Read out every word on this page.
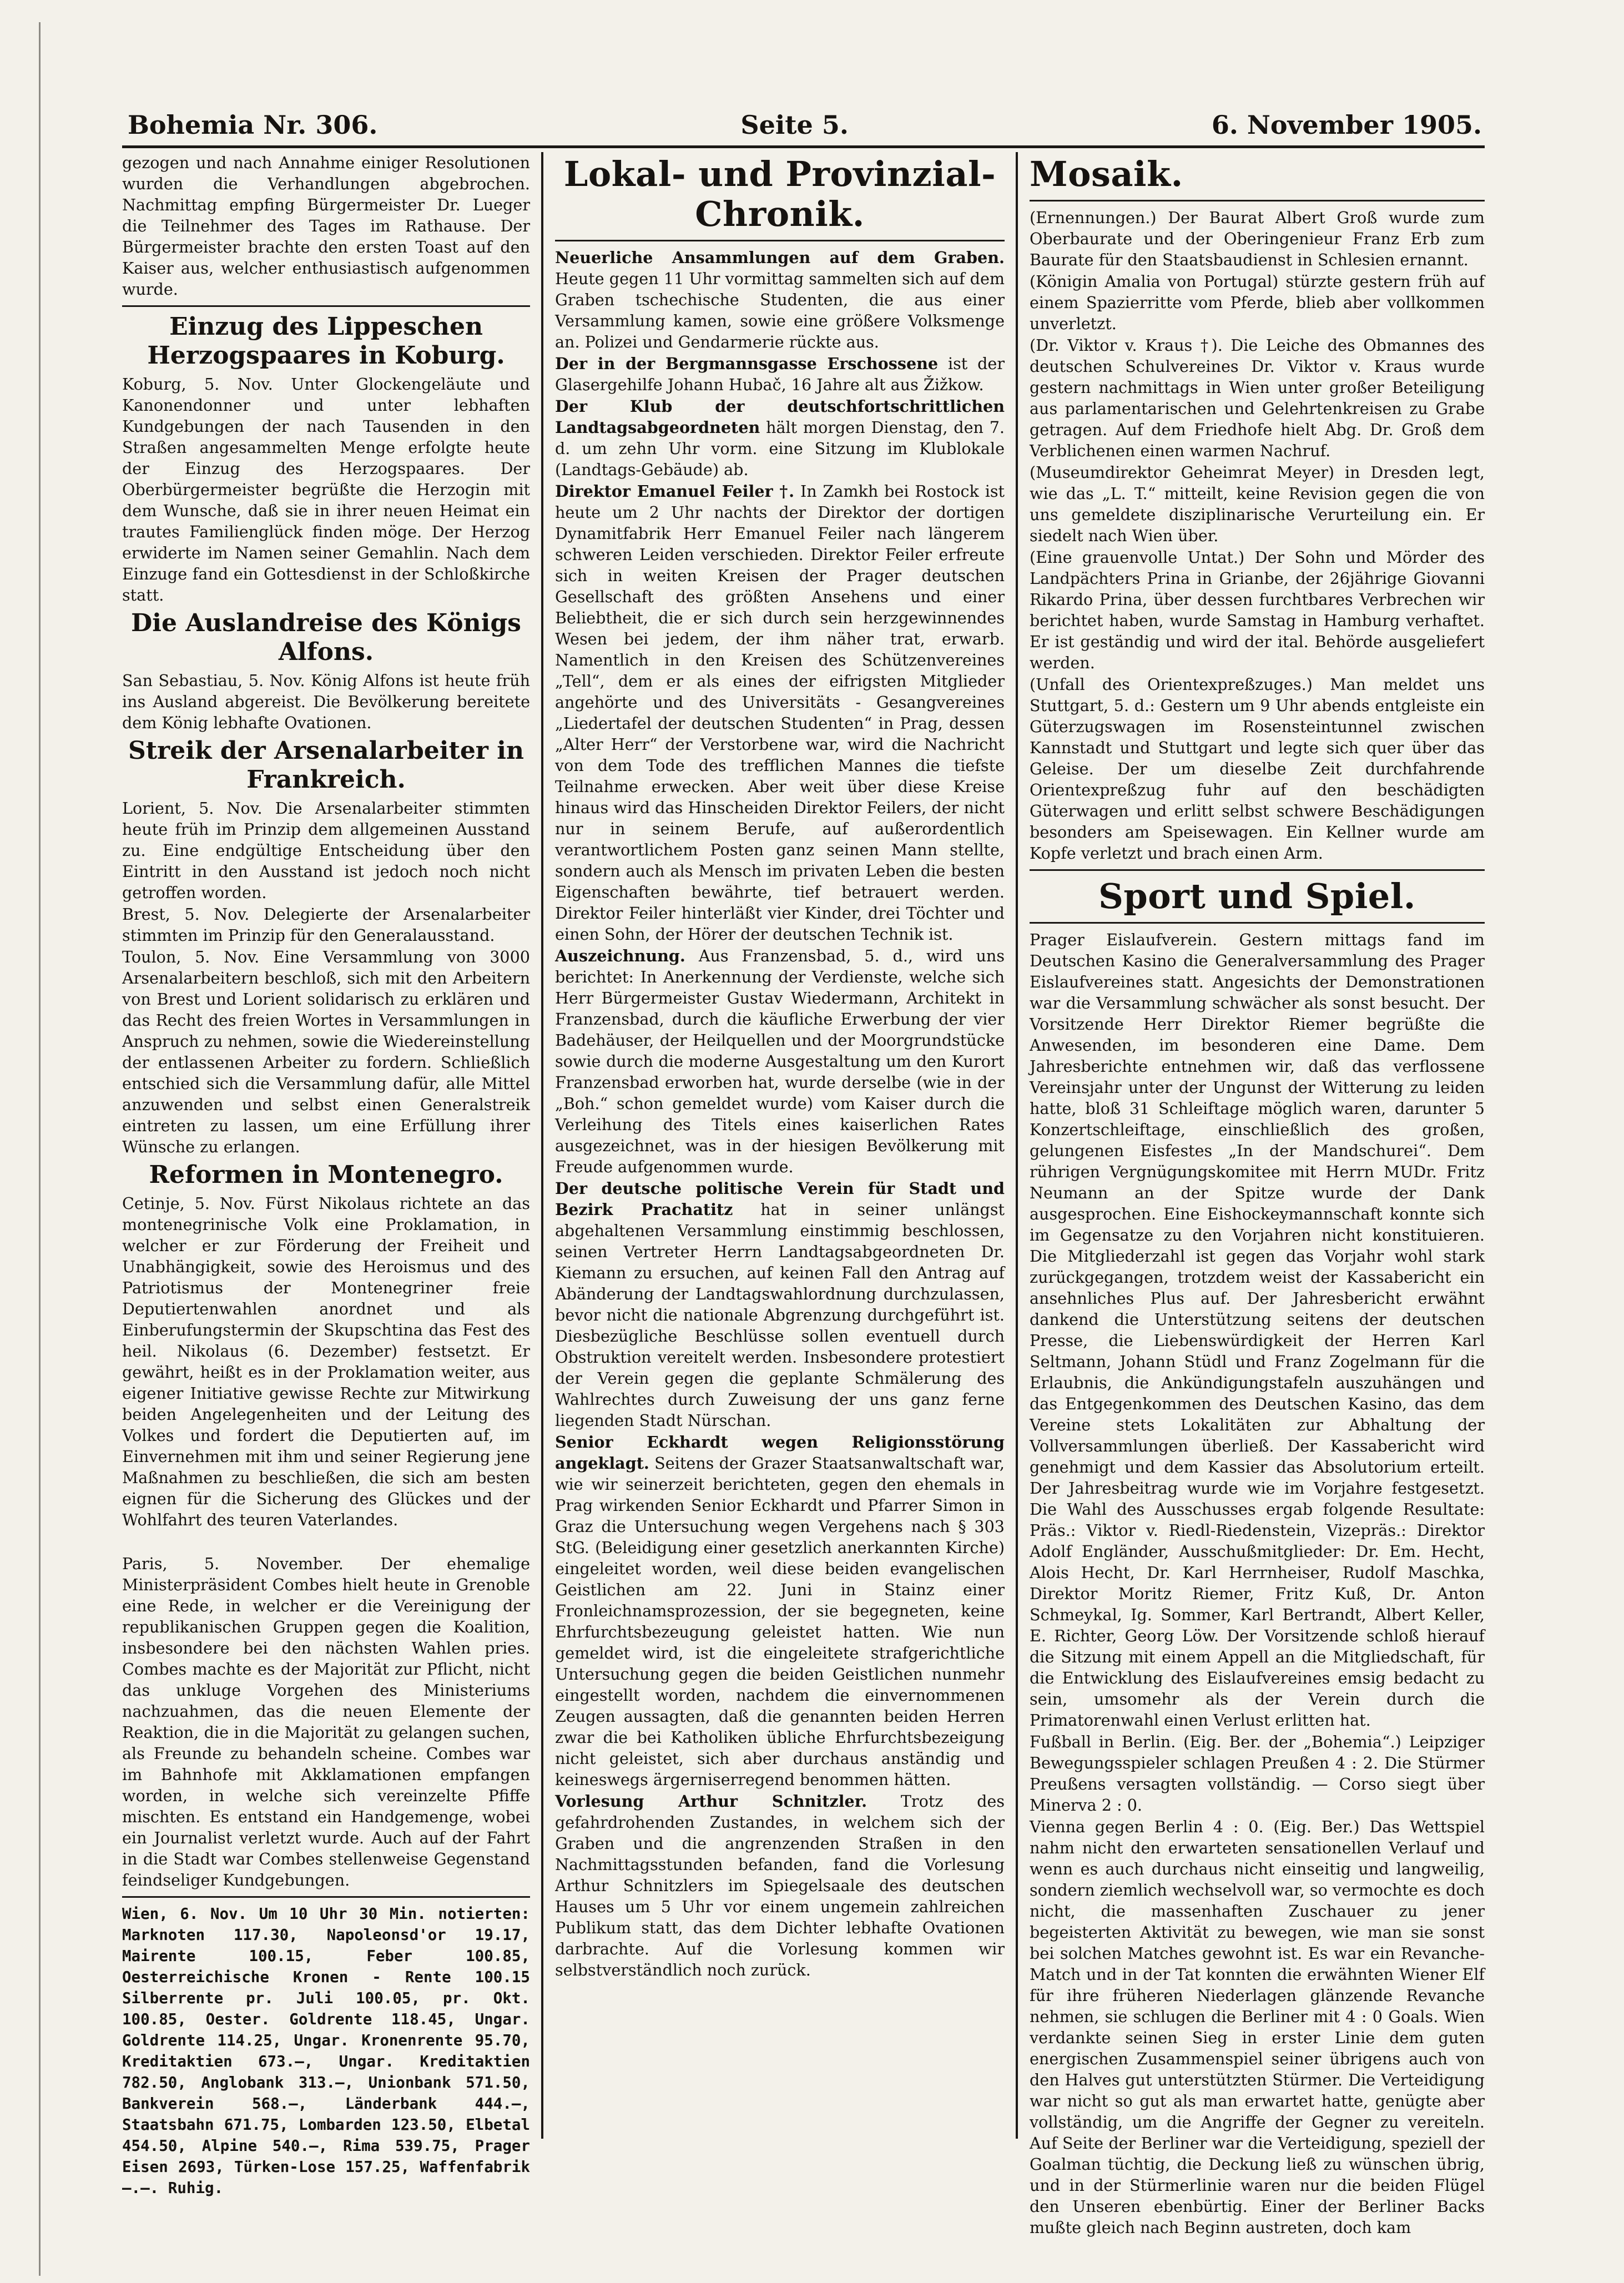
Bohemia Nr. 306.	Seite 5.	6. November 1905.

gezogen und nach Annahme einiger Resolutionen wurden die Verhandlungen abgebrochen. Nachmittag empfing Bürgermeister Dr. Lueger die Teilnehmer des Tages im Rathause. Der Bürgermeister brachte den ersten Toast auf den Kaiser aus, welcher enthusiastisch aufgenommen wurde.

Einzug des Lippeschen Herzogspaares in Koburg.

Koburg, 5. Nov. Unter Glockengeläute und Kanonendonner und unter lebhaften Kundgebungen der nach Tausenden in den Straßen angesammelten Menge erfolgte heute der Einzug des Herzogspaares. Der Oberbürgermeister begrüßte die Herzogin mit dem Wunsche, daß sie in ihrer neuen Heimat ein trautes Familienglück finden möge. Der Herzog erwiderte im Namen seiner Gemahlin. Nach dem Einzuge fand ein Gottesdienst in der Schloßkirche statt.

Die Auslandreise des Königs Alfons.

San Sebastiau, 5. Nov. König Alfons ist heute früh ins Ausland abgereist. Die Bevölkerung bereitete dem König lebhafte Ovationen.

Streik der Arsenalarbeiter in Frankreich.

Lorient, 5. Nov. Die Arsenalarbeiter stimmten heute früh im Prinzip dem allgemeinen Ausstand zu. Eine endgültige Entscheidung über den Eintritt in den Ausstand ist jedoch noch nicht getroffen worden.

Brest, 5. Nov. Delegierte der Arsenalarbeiter stimmten im Prinzip für den Generalausstand.

Toulon, 5. Nov. Eine Versammlung von 3000 Arsenalarbeitern beschloß, sich mit den Arbeitern von Brest und Lorient solidarisch zu erklären und das Recht des freien Wortes in Versammlungen in Anspruch zu nehmen, sowie die Wiedereinstellung der entlassenen Arbeiter zu fordern. Schließlich entschied sich die Versammlung dafür, alle Mittel anzuwenden und selbst einen Generalstreik eintreten zu lassen, um eine Erfüllung ihrer Wünsche zu erlangen.

Reformen in Montenegro.

Cetinje, 5. Nov. Fürst Nikolaus richtete an das montenegrinische Volk eine Proklamation, in welcher er zur Förderung der Freiheit und Unabhängigkeit, sowie des Heroismus und des Patriotismus der Montenegriner freie Deputiertenwahlen anordnet und als Einberufungstermin der Skupschtina das Fest des heil. Nikolaus (6. Dezember) festsetzt. Er gewährt, heißt es in der Proklamation weiter, aus eigener Initiative gewisse Rechte zur Mitwirkung beiden Angelegenheiten und der Leitung des Volkes und fordert die Deputierten auf, im Einvernehmen mit ihm und seiner Regierung jene Maßnahmen zu beschließen, die sich am besten eignen für die Sicherung des Glückes und der Wohlfahrt des teuren Vaterlandes.

Paris, 5. November. Der ehemalige Ministerpräsident Combes hielt heute in Grenoble eine Rede, in welcher er die Vereinigung der republikanischen Gruppen gegen die Koalition, insbesondere bei den nächsten Wahlen pries. Combes machte es der Majorität zur Pflicht, nicht das unkluge Vorgehen des Ministeriums nachzuahmen, das die neuen Elemente der Reaktion, die in die Majorität zu gelangen suchen, als Freunde zu behandeln scheine. Combes war im Bahnhofe mit Akklamationen empfangen worden, in welche sich vereinzelte Pfiffe mischten. Es entstand ein Handgemenge, wobei ein Journalist verletzt wurde. Auch auf der Fahrt in die Stadt war Combes stellenweise Gegenstand feindseliger Kundgebungen.

Wien, 6. Nov. Um 10 Uhr 30 Min. notierten: Marknoten 117.30, Napoleonsd'or 19.17, Mairente 100.15, Feber 100.85, Oesterreichische Kronen - Rente 100.15 Silberrente pr. Juli 100.05, pr. Okt. 100.85, Oester. Goldrente 118.45, Ungar. Goldrente 114.25, Ungar. Kronenrente 95.70, Kreditaktien 673.—, Ungar. Kreditaktien 782.50, Anglobank 313.—, Unionbank 571.50, Bankverein 568.—, Länderbank 444.—, Staatsbahn 671.75, Lombarden 123.50, Elbetal 454.50, Alpine 540.—, Rima 539.75, Prager Eisen 2693, Türken-Lose 157.25, Waffenfabrik —.—. Ruhig.

Lokal- und Provinzial-Chronik.

Neuerliche Ansammlungen auf dem Graben. Heute gegen 11 Uhr vormittag sammelten sich auf dem Graben tschechische Studenten, die aus einer Versammlung kamen, sowie eine größere Volksmenge an. Polizei und Gendarmerie rückte aus.

Der in der Bergmannsgasse Erschossene ist der Glasergehilfe Johann Hubač, 16 Jahre alt aus Žižkow.

Der Klub der deutschfortschrittlichen Landtagsabgeordneten hält morgen Dienstag, den 7. d. um zehn Uhr vorm. eine Sitzung im Klublokale (Landtags-Gebäude) ab.

Direktor Emanuel Feiler †. In Zamkh bei Rostock ist heute um 2 Uhr nachts der Direktor der dortigen Dynamitfabrik Herr Emanuel Feiler nach längerem schweren Leiden verschieden. Direktor Feiler erfreute sich in weiten Kreisen der Prager deutschen Gesellschaft des größten Ansehens und einer Beliebtheit, die er sich durch sein herzgewinnendes Wesen bei jedem, der ihm näher trat, erwarb. Namentlich in den Kreisen des Schützenvereines „Tell“, dem er als eines der eifrigsten Mitglieder angehörte und des Universitäts - Gesangvereines „Liedertafel der deutschen Studenten“ in Prag, dessen „Alter Herr“ der Verstorbene war, wird die Nachricht von dem Tode des trefflichen Mannes die tiefste Teilnahme erwecken. Aber weit über diese Kreise hinaus wird das Hinscheiden Direktor Feilers, der nicht nur in seinem Berufe, auf außerordentlich verantwortlichem Posten ganz seinen Mann stellte, sondern auch als Mensch im privaten Leben die besten Eigenschaften bewährte, tief betrauert werden. Direktor Feiler hinterläßt vier Kinder, drei Töchter und einen Sohn, der Hörer der deutschen Technik ist.

Auszeichnung. Aus Franzensbad, 5. d., wird uns berichtet: In Anerkennung der Verdienste, welche sich Herr Bürgermeister Gustav Wiedermann, Architekt in Franzensbad, durch die käufliche Erwerbung der vier Badehäuser, der Heilquellen und der Moorgrundstücke sowie durch die moderne Ausgestaltung um den Kurort Franzensbad erworben hat, wurde derselbe (wie in der „Boh.“ schon gemeldet wurde) vom Kaiser durch die Verleihung des Titels eines kaiserlichen Rates ausgezeichnet, was in der hiesigen Bevölkerung mit Freude aufgenommen wurde.

Der deutsche politische Verein für Stadt und Bezirk Prachatitz hat in seiner unlängst abgehaltenen Versammlung einstimmig beschlossen, seinen Vertreter Herrn Landtagsabgeordneten Dr. Kiemann zu ersuchen, auf keinen Fall den Antrag auf Abänderung der Landtagswahlordnung durchzulassen, bevor nicht die nationale Abgrenzung durchgeführt ist. Diesbezügliche Beschlüsse sollen eventuell durch Obstruktion vereitelt werden. Insbesondere protestiert der Verein gegen die geplante Schmälerung des Wahlrechtes durch Zuweisung der uns ganz ferne liegenden Stadt Nürschan.

Senior Eckhardt wegen Religionsstörung angeklagt. Seitens der Grazer Staatsanwaltschaft war, wie wir seinerzeit berichteten, gegen den ehemals in Prag wirkenden Senior Eckhardt und Pfarrer Simon in Graz die Untersuchung wegen Vergehens nach § 303 StG. (Beleidigung einer gesetzlich anerkannten Kirche) eingeleitet worden, weil diese beiden evangelischen Geistlichen am 22. Juni in Stainz einer Fronleichnamsprozession, der sie begegneten, keine Ehrfurchtsbezeugung geleistet hatten. Wie nun gemeldet wird, ist die eingeleitete strafgerichtliche Untersuchung gegen die beiden Geistlichen nunmehr eingestellt worden, nachdem die einvernommenen Zeugen aussagten, daß die genannten beiden Herren zwar die bei Katholiken übliche Ehrfurchtsbezeigung nicht geleistet, sich aber durchaus anständig und keineswegs ärgerniserregend benommen hätten.

Vorlesung Arthur Schnitzler. Trotz des gefahrdrohenden Zustandes, in welchem sich der Graben und die angrenzenden Straßen in den Nachmittagsstunden befanden, fand die Vorlesung Arthur Schnitzlers im Spiegelsaale des deutschen Hauses um 5 Uhr vor einem ungemein zahlreichen Publikum statt, das dem Dichter lebhafte Ovationen darbrachte. Auf die Vorlesung kommen wir selbstverständlich noch zurück.

Mosaik.

(Ernennungen.) Der Baurat Albert Groß wurde zum Oberbaurate und der Oberingenieur Franz Erb zum Baurate für den Staatsbaudienst in Schlesien ernannt.

(Königin Amalia von Portugal) stürzte gestern früh auf einem Spazierritte vom Pferde, blieb aber vollkommen unverletzt.

(Dr. Viktor v. Kraus †). Die Leiche des Obmannes des deutschen Schulvereines Dr. Viktor v. Kraus wurde gestern nachmittags in Wien unter großer Beteiligung aus parlamentarischen und Gelehrtenkreisen zu Grabe getragen. Auf dem Friedhofe hielt Abg. Dr. Groß dem Verblichenen einen warmen Nachruf.

(Museumdirektor Geheimrat Meyer) in Dresden legt, wie das „L. T.“ mitteilt, keine Revision gegen die von uns gemeldete disziplinarische Verurteilung ein. Er siedelt nach Wien über.

(Eine grauenvolle Untat.) Der Sohn und Mörder des Landpächters Prina in Grianbe, der 26jährige Giovanni Rikardo Prina, über dessen furchtbares Verbrechen wir berichtet haben, wurde Samstag in Hamburg verhaftet. Er ist geständig und wird der ital. Behörde ausgeliefert werden.

(Unfall des Orientexpreßzuges.) Man meldet uns Stuttgart, 5. d.: Gestern um 9 Uhr abends entgleiste ein Güterzugswagen im Rosensteintunnel zwischen Kannstadt und Stuttgart und legte sich quer über das Geleise. Der um dieselbe Zeit durchfahrende Orientexpreßzug fuhr auf den beschädigten Güterwagen und erlitt selbst schwere Beschädigungen besonders am Speisewagen. Ein Kellner wurde am Kopfe verletzt und brach einen Arm.

Sport und Spiel.

Prager Eislaufverein. Gestern mittags fand im Deutschen Kasino die Generalversammlung des Prager Eislaufvereines statt. Angesichts der Demonstrationen war die Versammlung schwächer als sonst besucht. Der Vorsitzende Herr Direktor Riemer begrüßte die Anwesenden, im besonderen eine Dame. Dem Jahresberichte entnehmen wir, daß das verflossene Vereinsjahr unter der Ungunst der Witterung zu leiden hatte, bloß 31 Schleiftage möglich waren, darunter 5 Konzertschleiftage, einschließlich des großen, gelungenen Eisfestes „In der Mandschurei“. Dem rührigen Vergnügungskomitee mit Herrn MUDr. Fritz Neumann an der Spitze wurde der Dank ausgesprochen. Eine Eishockeymannschaft konnte sich im Gegensatze zu den Vorjahren nicht konstituieren. Die Mitgliederzahl ist gegen das Vorjahr wohl stark zurückgegangen, trotzdem weist der Kassabericht ein ansehnliches Plus auf. Der Jahresbericht erwähnt dankend die Unterstützung seitens der deutschen Presse, die Liebenswürdigkeit der Herren Karl Seltmann, Johann Stüdl und Franz Zogelmann für die Erlaubnis, die Ankündigungstafeln auszuhängen und das Entgegenkommen des Deutschen Kasino, das dem Vereine stets Lokalitäten zur Abhaltung der Vollversammlungen überließ. Der Kassabericht wird genehmigt und dem Kassier das Absolutorium erteilt. Der Jahresbeitrag wurde wie im Vorjahre festgesetzt. Die Wahl des Ausschusses ergab folgende Resultate: Präs.: Viktor v. Riedl-Riedenstein, Vizepräs.: Direktor Adolf Engländer, Ausschußmitglieder: Dr. Em. Hecht, Alois Hecht, Dr. Karl Herrnheiser, Rudolf Maschka, Direktor Moritz Riemer, Fritz Kuß, Dr. Anton Schmeykal, Ig. Sommer, Karl Bertrandt, Albert Keller, E. Richter, Georg Löw. Der Vorsitzende schloß hierauf die Sitzung mit einem Appell an die Mitgliedschaft, für die Entwicklung des Eislaufvereines emsig bedacht zu sein, umsomehr als der Verein durch die Primatorenwahl einen Verlust erlitten hat.

Fußball in Berlin. (Eig. Ber. der „Bohemia“.) Leipziger Bewegungsspieler schlagen Preußen 4 : 2. Die Stürmer Preußens versagten vollständig. — Corso siegt über Minerva 2 : 0.

Vienna gegen Berlin 4 : 0. (Eig. Ber.) Das Wettspiel nahm nicht den erwarteten sensationellen Verlauf und wenn es auch durchaus nicht einseitig und langweilig, sondern ziemlich wechselvoll war, so vermochte es doch nicht, die massenhaften Zuschauer zu jener begeisterten Aktivität zu bewegen, wie man sie sonst bei solchen Matches gewohnt ist. Es war ein Revanche-Match und in der Tat konnten die erwähnten Wiener Elf für ihre früheren Niederlagen glänzende Revanche nehmen, sie schlugen die Berliner mit 4 : 0 Goals. Wien verdankte seinen Sieg in erster Linie dem guten energischen Zusammenspiel seiner übrigens auch von den Halves gut unterstützten Stürmer. Die Verteidigung war nicht so gut als man erwartet hatte, genügte aber vollständig, um die Angriffe der Gegner zu vereiteln. Auf Seite der Berliner war die Verteidigung, speziell der Goalman tüchtig, die Deckung ließ zu wünschen übrig, und in der Stürmerlinie waren nur die beiden Flügel den Unseren ebenbürtig. Einer der Berliner Backs mußte gleich nach Beginn austreten, doch kam
